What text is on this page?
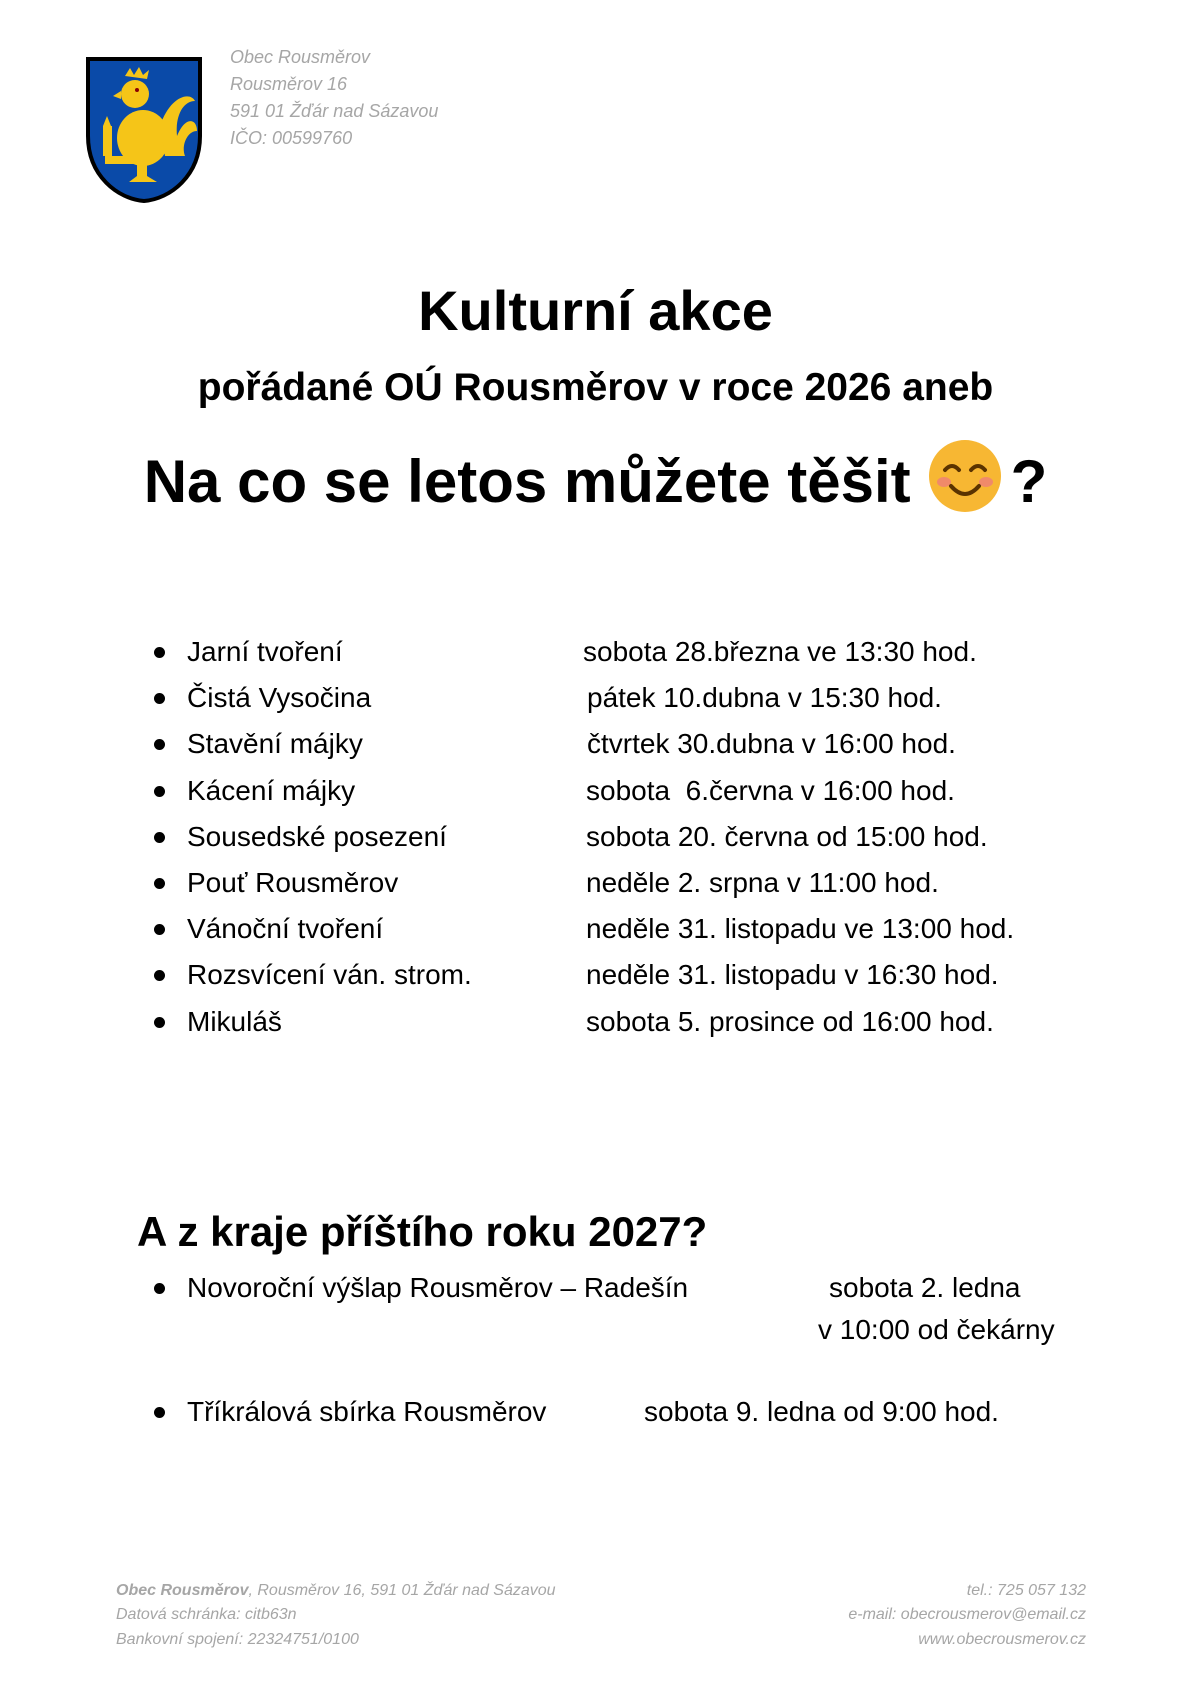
Obec Rousměrov
Rousměrov 16
591 01 Žďár nad Sázavou
IČO: 00599760
Kulturní akce
pořádané OÚ Rousměrov v roce 2026 aneb
Na co se letos můžete těšit ?
Jarní tvoření	sobota 28.března ve 13:30 hod.
Čistá Vysočina	pátek 10.dubna v 15:30 hod.
Stavění májky	čtvrtek 30.dubna v 16:00 hod.
Kácení májky	sobota  6.června v 16:00 hod.
Sousedské posezení	sobota 20. června od 15:00 hod.
Pouť Rousměrov	neděle 2. srpna v 11:00 hod.
Vánoční tvoření	neděle 31. listopadu ve 13:00 hod.
Rozsvícení ván. strom.	neděle 31. listopadu v 16:30 hod.
Mikuláš	sobota 5. prosince od 16:00 hod.
A z kraje příštího roku 2027?
Novoroční výšlap Rousměrov – Radešín	sobota 2. ledna
v 10:00 od čekárny
Tříkrálová sbírka Rousměrov	sobota 9. ledna od 9:00 hod.
Obec Rousměrov, Rousměrov 16, 591 01 Žďár nad Sázavou
Datová schránka: citb63n
Bankovní spojení: 22324751/0100
tel.: 725 057 132
e-mail: obecrousmerov@email.cz
www.obecrousmerov.cz
